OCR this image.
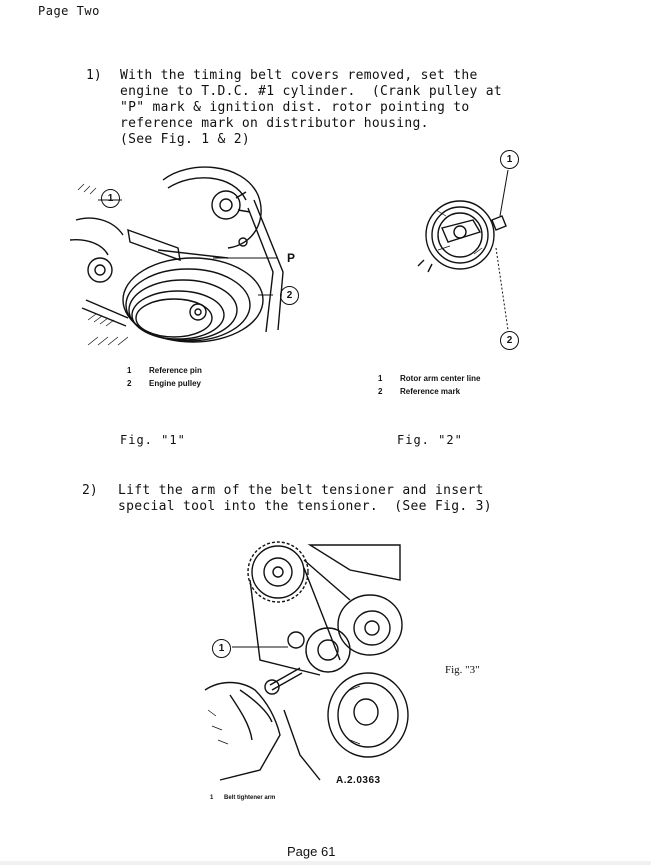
Page Two
1) With the timing belt covers removed, set the
engine to T.D.C. #1 cylinder.  (Crank pulley at
"P" mark & ignition dist. rotor pointing to
reference mark on distributor housing.
(See Fig. 1 & 2)
1
2
P
1 Reference pin
2 Engine pulley
1
2
1 Rotor arm center line
2 Reference mark
Fig. "1"	Fig. "2"
2) Lift the arm of the belt tensioner and insert
special tool into the tensioner.  (See Fig. 3)
1
A.2.0363
1 Belt tightener arm
Fig. "3"
Page 61
